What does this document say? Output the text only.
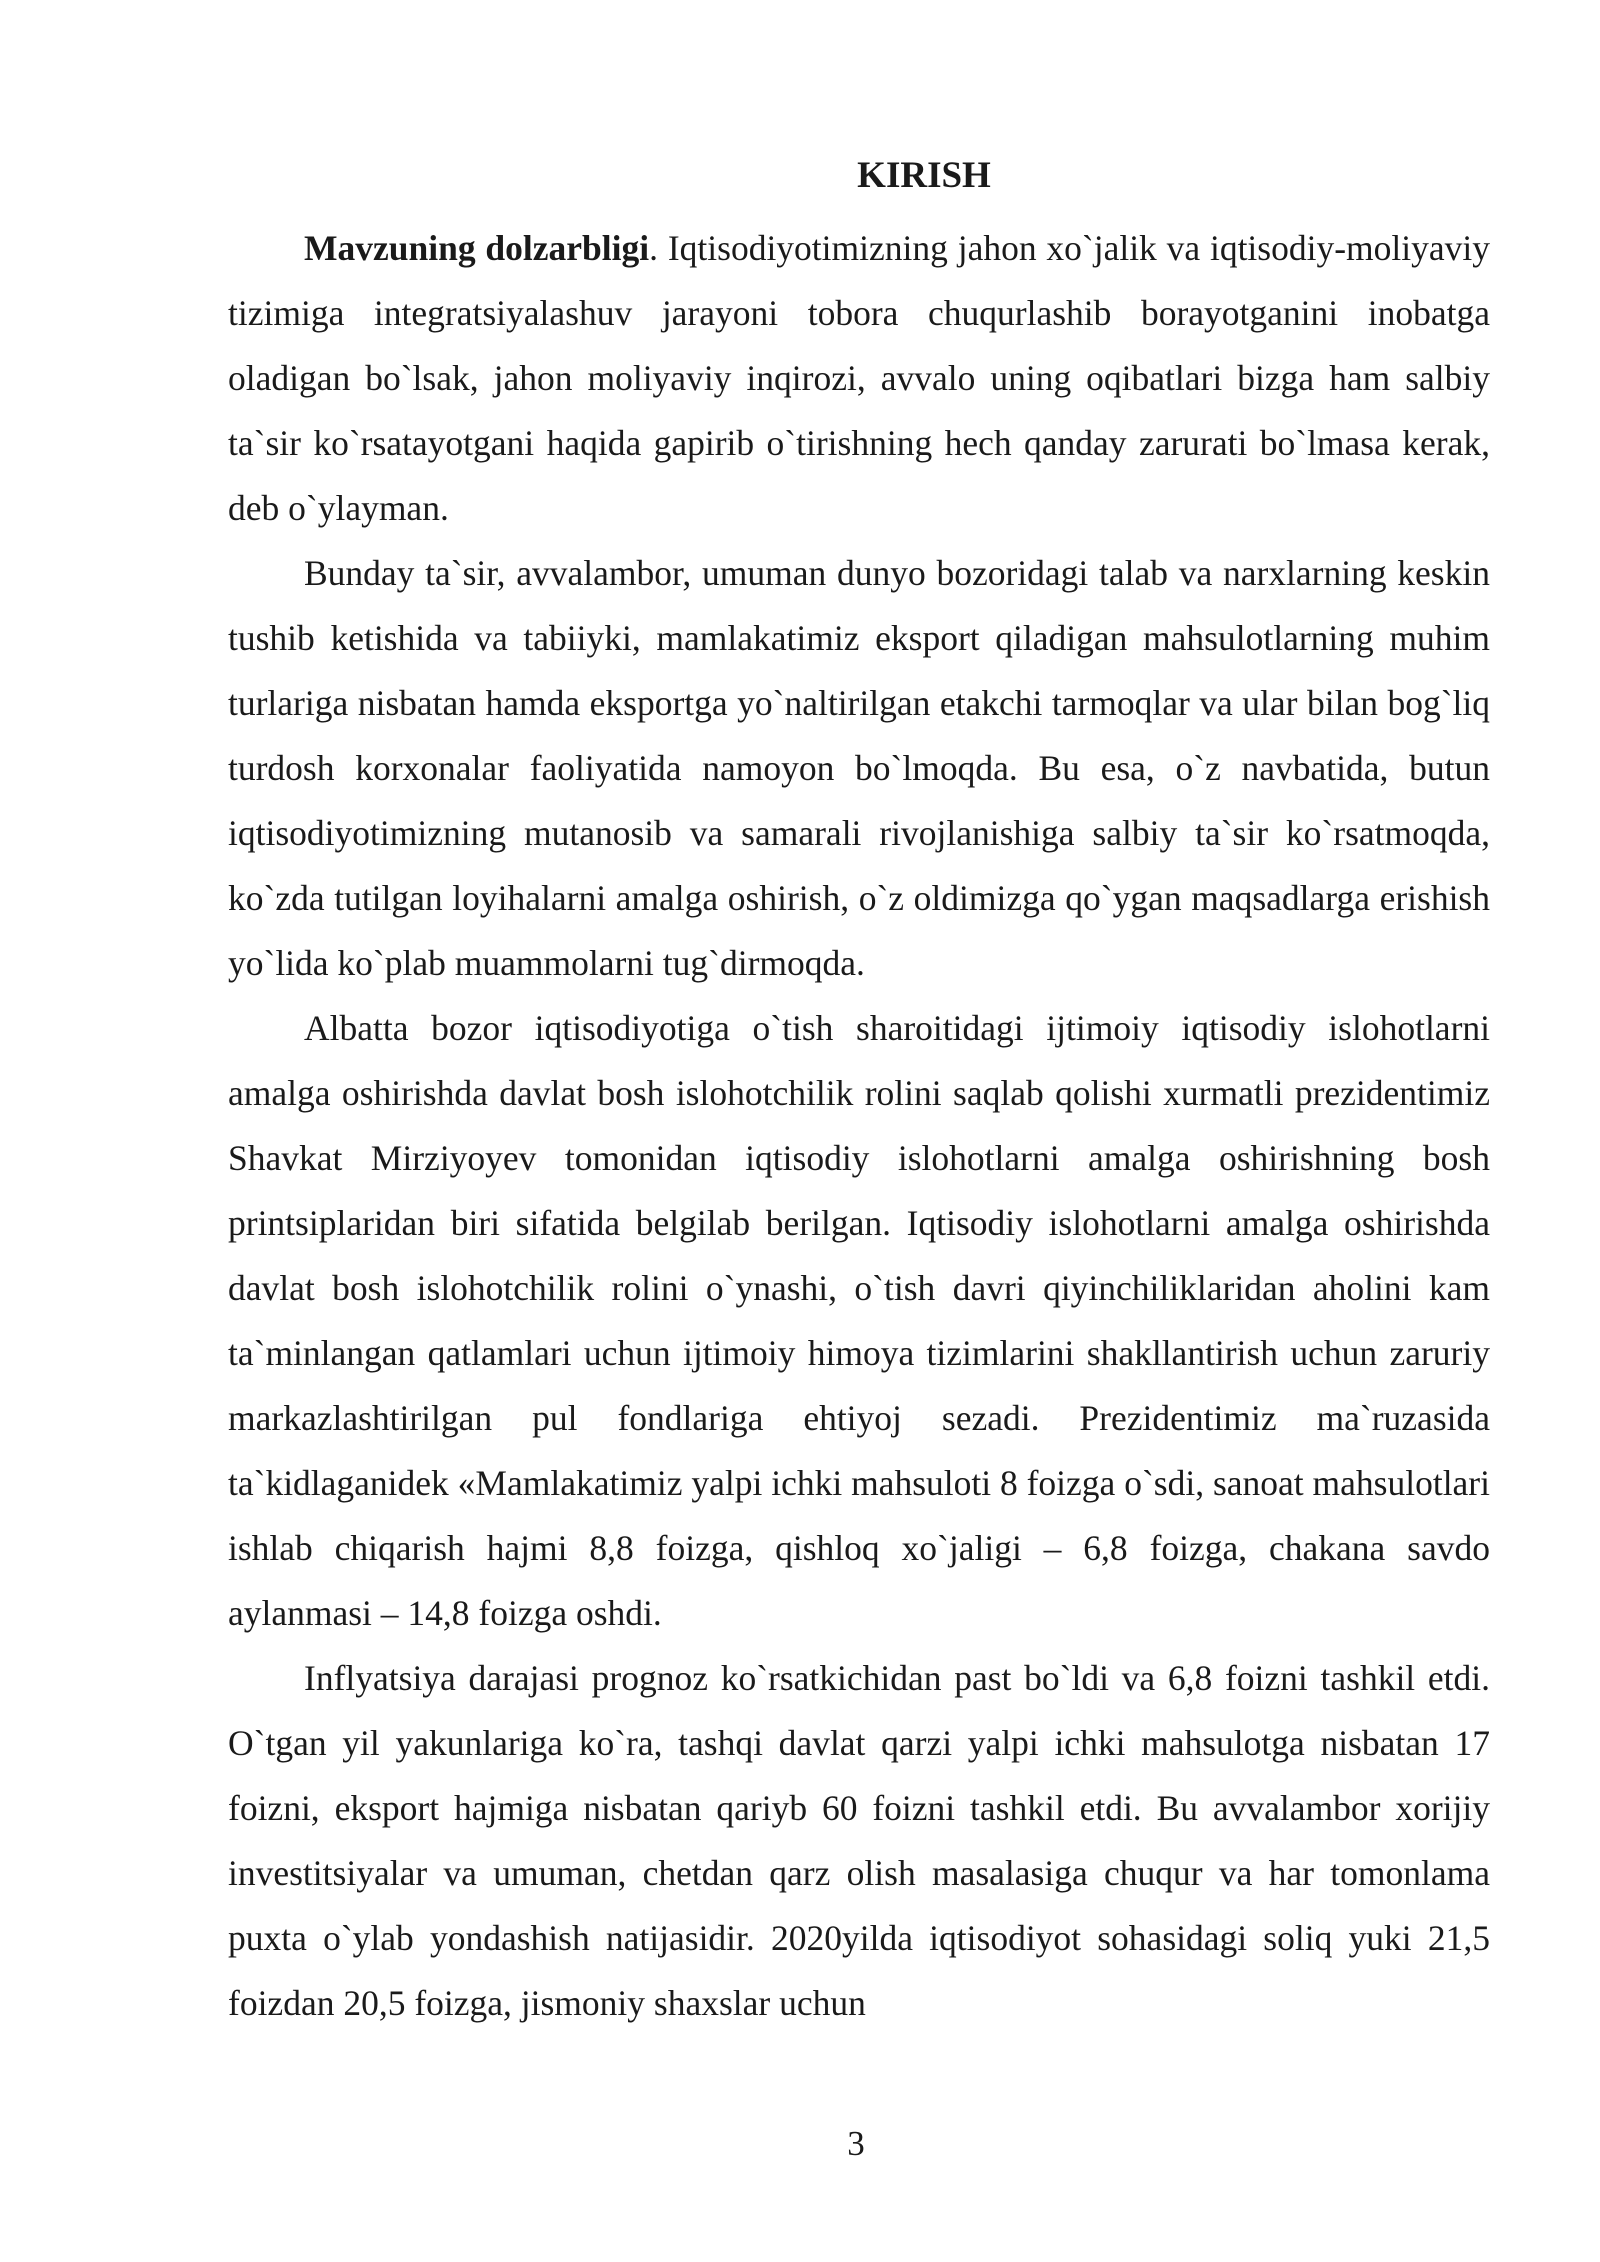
KIRISH

Mavzuning dolzarbligi. Iqtisodiyotimizning jahon xo`jalik va iqtisodiy-moliyaviy tizimiga integratsiyalashuv jarayoni tobora chuqurlashib borayotganini inobatga oladigan bo`lsak, jahon moliyaviy inqirozi, avvalo uning oqibatlari bizga ham salbiy ta`sir ko`rsatayotgani haqida gapirib o`tirishning hech qanday zarurati bo`lmasa kerak, deb o`ylayman.

Bunday ta`sir, avvalambor, umuman dunyo bozoridagi talab va narxlarning keskin tushib ketishida va tabiiyki, mamlakatimiz eksport qiladigan mahsulotlarning muhim turlariga nisbatan hamda eksportga yo`naltirilgan etakchi tarmoqlar va ular bilan bog`liq turdosh korxonalar faoliyatida namoyon bo`lmoqda. Bu esa, o`z navbatida, butun iqtisodiyotimizning mutanosib va samarali rivojlanishiga salbiy ta`sir ko`rsatmoqda, ko`zda tutilgan loyihalarni amalga oshirish, o`z oldimizga qo`ygan maqsadlarga erishish yo`lida ko`plab muammolarni tug`dirmoqda.

Albatta bozor iqtisodiyotiga o`tish sharoitidagi ijtimoiy iqtisodiy islohotlarni amalga oshirishda davlat bosh islohotchilik rolini saqlab qolishi xurmatli prezidentimiz Shavkat Mirziyoyev tomonidan iqtisodiy islohotlarni amalga oshirishning bosh printsiplaridan biri sifatida belgilab berilgan. Iqtisodiy islohotlarni amalga oshirishda davlat bosh islohotchilik rolini o`ynashi, o`tish davri qiyinchiliklaridan aholini kam ta`minlangan qatlamlari uchun ijtimoiy himoya tizimlarini shakllantirish uchun zaruriy markazlashtirilgan pul fondlariga ehtiyoj sezadi. Prezidentimiz ma`ruzasida ta`kidlaganidek «Mamlakatimiz yalpi ichki mahsuloti 8 foizga o`sdi, sanoat mahsulotlari ishlab chiqarish hajmi 8,8 foizga, qishloq xo`jaligi – 6,8 foizga, chakana savdo aylanmasi – 14,8 foizga oshdi.

Inflyatsiya darajasi prognoz ko`rsatkichidan past bo`ldi va 6,8 foizni tashkil etdi. O`tgan yil yakunlariga ko`ra, tashqi davlat qarzi yalpi ichki mahsulotga nisbatan 17 foizni, eksport hajmiga nisbatan qariyb 60 foizni tashkil etdi. Bu avvalambor xorijiy investitsiyalar va umuman, chetdan qarz olish masalasiga chuqur va har tomonlama puxta o`ylab yondashish natijasidir. 2020yilda iqtisodiyot sohasidagi soliq yuki 21,5 foizdan 20,5 foizga, jismoniy shaxslar uchun

3
